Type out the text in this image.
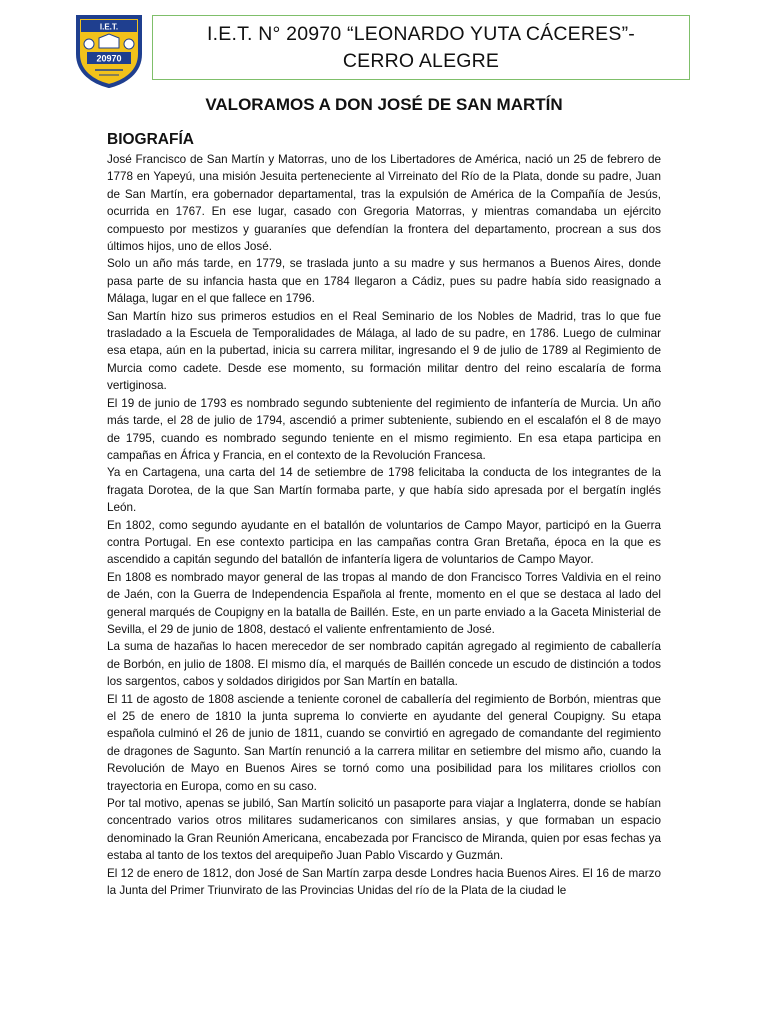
I.E.T.
20970
I.E.T. N° 20970 “LEONARDO YUTA CÁCERES”-CERRO ALEGRE
VALORAMOS A DON JOSÉ DE SAN MARTÍN
BIOGRAFÍA

José Francisco de San Martín y Matorras, uno de los Libertadores de América, nació un 25 de febrero de 1778 en Yapeyú, una misión Jesuita perteneciente al Virreinato del Río de la Plata, donde su padre, Juan de San Martín, era gobernador departamental, tras la expulsión de América de la Compañía de Jesús, ocurrida en 1767. En ese lugar, casado con Gregoria Matorras, y mientras comandaba un ejército compuesto por mestizos y guaraníes que defendían la frontera del departamento, procrean a sus dos últimos hijos, uno de ellos José.

Solo un año más tarde, en 1779, se traslada junto a su madre y sus hermanos a Buenos Aires, donde pasa parte de su infancia hasta que en 1784 llegaron a Cádiz, pues su padre había sido reasignado a Málaga, lugar en el que fallece en 1796.

San Martín hizo sus primeros estudios en el Real Seminario de los Nobles de Madrid, tras lo que fue trasladado a la Escuela de Temporalidades de Málaga, al lado de su padre, en 1786. Luego de culminar esa etapa, aún en la pubertad, inicia su carrera militar, ingresando el 9 de julio de 1789 al Regimiento de Murcia como cadete. Desde ese momento, su formación militar dentro del reino escalaría de forma vertiginosa.

El 19 de junio de 1793 es nombrado segundo subteniente del regimiento de infantería de Murcia. Un año más tarde, el 28 de julio de 1794, ascendió a primer subteniente, subiendo en el escalafón el 8 de mayo de 1795, cuando es nombrado segundo teniente en el mismo regimiento. En esa etapa participa en campañas en África y Francia, en el contexto de la Revolución Francesa.

Ya en Cartagena, una carta del 14 de setiembre de 1798 felicitaba la conducta de los integrantes de la fragata Dorotea, de la que San Martín formaba parte, y que había sido apresada por el bergatín inglés León.

En 1802, como segundo ayudante en el batallón de voluntarios de Campo Mayor, participó en la Guerra contra Portugal. En ese contexto participa en las campañas contra Gran Bretaña, época en la que es ascendido a capitán segundo del batallón de infantería ligera de voluntarios de Campo Mayor.

En 1808 es nombrado mayor general de las tropas al mando de don Francisco Torres Valdivia en el reino de Jaén, con la Guerra de Independencia Española al frente, momento en el que se destaca al lado del general marqués de Coupigny en la batalla de Baillén. Este, en un parte enviado a la Gaceta Ministerial de Sevilla, el 29 de junio de 1808, destacó el valiente enfrentamiento de José.

La suma de hazañas lo hacen merecedor de ser nombrado capitán agregado al regimiento de caballería de Borbón, en julio de 1808. El mismo día, el marqués de Baillén concede un escudo de distinción a todos los sargentos, cabos y soldados dirigidos por San Martín en batalla.

El 11 de agosto de 1808 asciende a teniente coronel de caballería del regimiento de Borbón, mientras que el 25 de enero de 1810 la junta suprema lo convierte en ayudante del general Coupigny. Su etapa española culminó el 26 de junio de 1811, cuando se convirtió en agregado de comandante del regimiento de dragones de Sagunto. San Martín renunció a la carrera militar en setiembre del mismo año, cuando la Revolución de Mayo en Buenos Aires se tornó como una posibilidad para los militares criollos con trayectoria en Europa, como en su caso.

Por tal motivo, apenas se jubiló, San Martín solicitó un pasaporte para viajar a Inglaterra, donde se habían concentrado varios otros militares sudamericanos con similares ansias, y que formaban un espacio denominado la Gran Reunión Americana, encabezada por Francisco de Miranda, quien por esas fechas ya estaba al tanto de los textos del arequipeño Juan Pablo Viscardo y Guzmán.

El 12 de enero de 1812, don José de San Martín zarpa desde Londres hacia Buenos Aires. El 16 de marzo la Junta del Primer Triunvirato de las Provincias Unidas del río de la Plata de la ciudad le
